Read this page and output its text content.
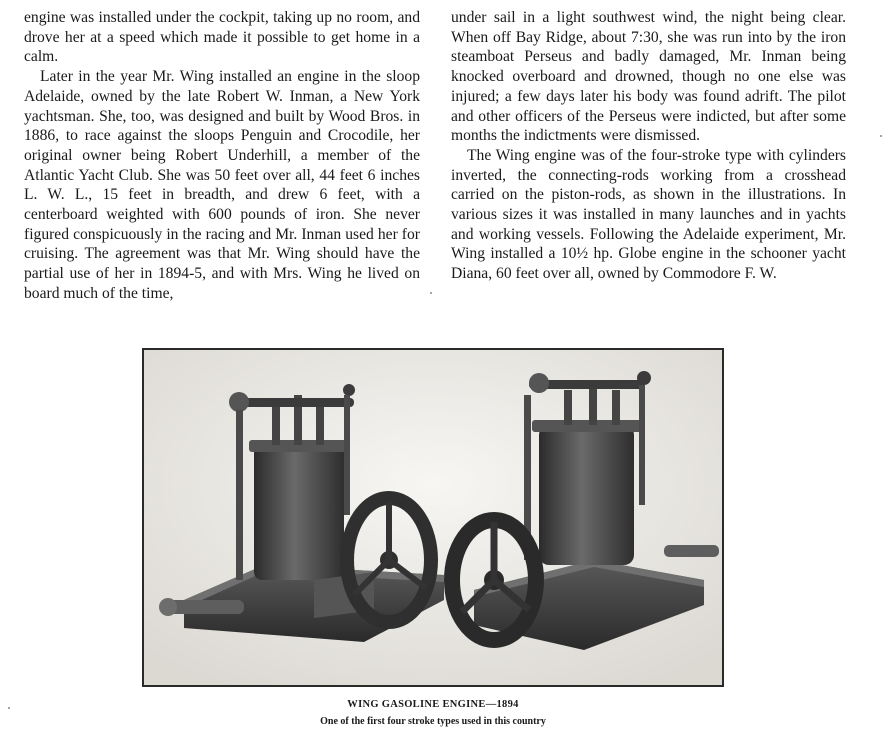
engine was installed under the cockpit, taking up no room, and drove her at a speed which made it possible to get home in a calm.

Later in the year Mr. Wing installed an engine in the sloop Adelaide, owned by the late Robert W. Inman, a New York yachtsman. She, too, was designed and built by Wood Bros. in 1886, to race against the sloops Penguin and Crocodile, her original owner being Robert Underhill, a member of the Atlantic Yacht Club. She was 50 feet over all, 44 feet 6 inches L. W. L., 15 feet in breadth, and drew 6 feet, with a centerboard weighted with 600 pounds of iron. She never figured conspicuously in the racing and Mr. Inman used her for cruising. The agreement was that Mr. Wing should have the partial use of her in 1894-5, and with Mrs. Wing he lived on board much of the time,

under sail in a light southwest wind, the night being clear. When off Bay Ridge, about 7:30, she was run into by the iron steamboat Perseus and badly damaged, Mr. Inman being knocked overboard and drowned, though no one else was injured; a few days later his body was found adrift. The pilot and other officers of the Perseus were indicted, but after some months the indictments were dismissed.

The Wing engine was of the four-stroke type with cylinders inverted, the connecting-rods working from a crosshead carried on the piston-rods, as shown in the illustrations. In various sizes it was installed in many launches and in yachts and working vessels. Following the Adelaide experiment, Mr. Wing installed a 10½ hp. Globe engine in the schooner yacht Diana, 60 feet over all, owned by Commodore F. W.

WING GASOLINE ENGINE—1894
One of the first four stroke types used in this country
